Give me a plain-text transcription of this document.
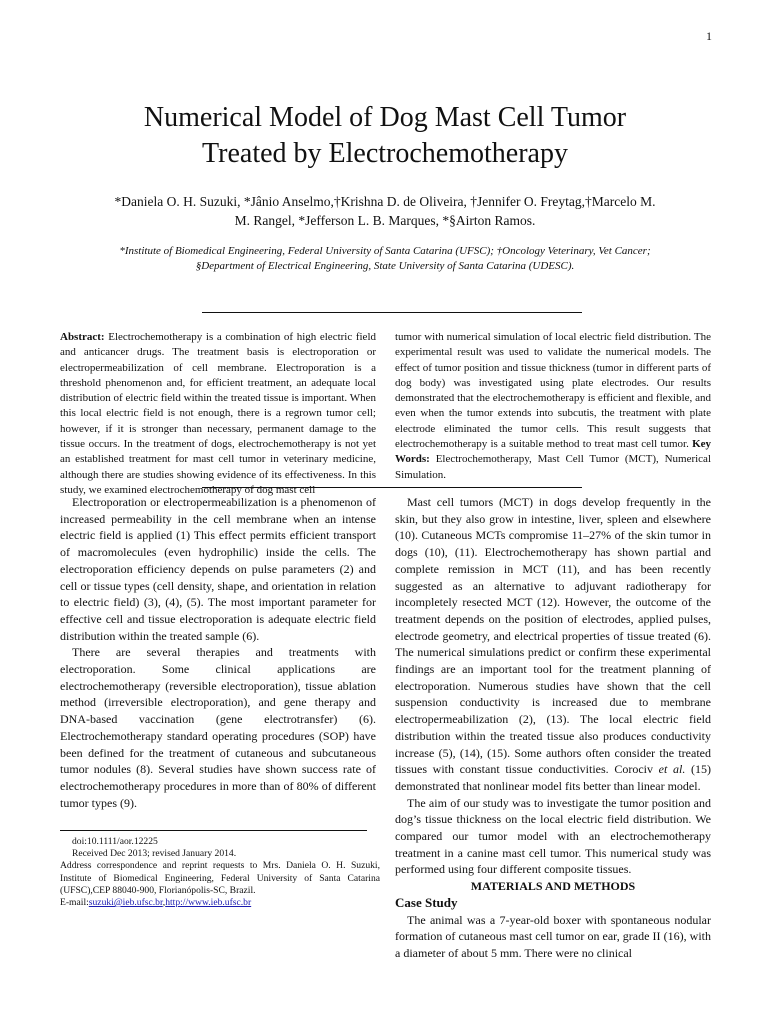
1
Numerical Model of Dog Mast Cell Tumor
Treated by Electrochemotherapy
*Daniela O. H. Suzuki, *Jânio Anselmo,†Krishna D. de Oliveira, †Jennifer O. Freytag,†Marcelo M.
M. Rangel, *Jefferson L. B. Marques, *§Airton Ramos.
*Institute of Biomedical Engineering, Federal University of Santa Catarina (UFSC); †Oncology Veterinary, Vet Cancer;
§Department of Electrical Engineering, State University of Santa Catarina (UDESC).

Abstract: Electrochemotherapy is a combination of high electric field and anticancer drugs. The treatment basis is electroporation or electropermeabilization of cell membrane. Electroporation is a threshold phenomenon and, for efficient treatment, an adequate local distribution of electric field within the treated tissue is important. When this local electric field is not enough, there is a regrown tumor cell; however, if it is stronger than necessary, permanent damage to the tissue occurs. In the treatment of dogs, electrochemotherapy is not yet an established treatment for mast cell tumor in veterinary medicine, although there are studies showing evidence of its effectiveness. In this study, we examined electrochemotherapy of dog mast cell

tumor with numerical simulation of local electric field distribution. The experimental result was used to validate the numerical models. The effect of tumor position and tissue thickness (tumor in different parts of dog body) was investigated using plate electrodes. Our results demonstrated that the electrochemotherapy is efficient and flexible, and even when the tumor extends into subcutis, the treatment with plate electrode eliminated the tumor cells. This result suggests that electrochemotherapy is a suitable method to treat mast cell tumor. Key Words: Electrochemotherapy, Mast Cell Tumor (MCT), Numerical Simulation.

Electroporation or electropermeabilization is a phenomenon of increased permeability in the cell membrane when an intense electric field is applied (1) This effect permits efficient transport of macromolecules (even hydrophilic) inside the cells. The electroporation efficiency depends on pulse parameters (2) and cell or tissue types (cell density, shape, and orientation in relation to electric field) (3), (4), (5). The most important parameter for effective cell and tissue electroporation is adequate electric field distribution within the treated sample (6).

There are several therapies and treatments with electroporation. Some clinical applications are electrochemotherapy (reversible electroporation), tissue ablation method (irreversible electroporation), and gene therapy and DNA-based vaccination (gene electrotransfer) (6). Electrochemotherapy standard operating procedures (SOP) have been defined for the treatment of cutaneous and subcutaneous tumor nodules (8). Several studies have shown success rate of electrochemotherapy procedures in more than of 80% of different tumor types (9).

doi:10.1111/aor.12225
Received Dec 2013; revised January 2014.
Address correspondence and reprint requests to Mrs. Daniela O. H. Suzuki, Institute of Biomedical Engineering, Federal University of Santa Catarina (UFSC),CEP 88040-900, Florianópolis-SC, Brazil.
E-mail:suzuki@ieb.ufsc.br,http://www.ieb.ufsc.br

Mast cell tumors (MCT) in dogs develop frequently in the skin, but they also grow in intestine, liver, spleen and elsewhere (10). Cutaneous MCTs compromise 11–27% of the skin tumor in dogs (10), (11). Electrochemotherapy has shown partial and complete remission in MCT (11), and has been recently suggested as an alternative to adjuvant radiotherapy for incompletely resected MCT (12). However, the outcome of the treatment depends on the position of electrodes, applied pulses, electrode geometry, and electrical properties of tissue treated (6). The numerical simulations predict or confirm these experimental findings are an important tool for the treatment planning of electroporation. Numerous studies have shown that the cell suspension conductivity is increased due to membrane electropermeabilization (2), (13). The local electric field distribution within the treated tissue also produces conductivity increase (5), (14), (15). Some authors often consider the treated tissues with constant tissue conductivities. Corociv et al. (15) demonstrated that nonlinear model fits better than linear model.

The aim of our study was to investigate the tumor position and dog’s tissue thickness on the local electric field distribution. We compared our tumor model with an electrochemotherapy treatment in a canine mast cell tumor. This numerical study was performed using four different composite tissues.

MATERIALS AND METHODS

Case Study

The animal was a 7-year-old boxer with spontaneous nodular formation of cutaneous mast cell tumor on ear, grade II (16), with a diameter of about 5 mm. There were no clinical
